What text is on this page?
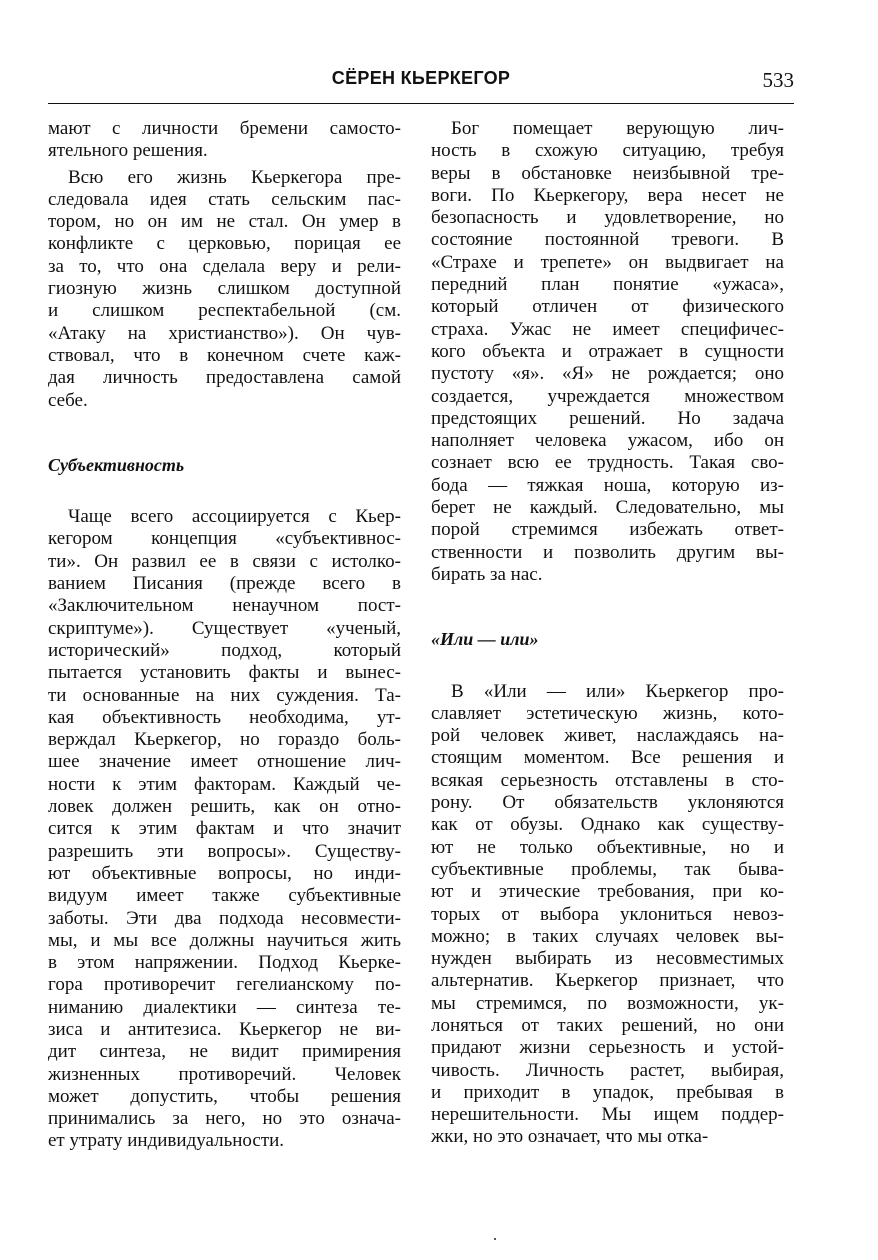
СЁРЕН КЬЕРКЕГОР	533
мают с личности бремени самосто-
ятельного решения.
Всю его жизнь Кьеркегора пре-
следовала идея стать сельским пас-
тором, но он им не стал. Он умер в
конфликте с церковью, порицая ее
за то, что она сделала веру и рели-
гиозную жизнь слишком доступной
и слишком респектабельной (см.
«Атаку на христианство»). Он чув-
ствовал, что в конечном счете каж-
дая личность предоставлена самой
себе.
Субъективность
Чаще всего ассоциируется с Кьер-
кегором концепция «субъективнос-
ти». Он развил ее в связи с истолко-
ванием Писания (прежде всего в
«Заключительном ненаучном пост-
скриптуме»). Существует «ученый,
исторический» подход, который
пытается установить факты и вынес-
ти основанные на них суждения. Та-
кая объективность необходима, ут-
верждал Кьеркегор, но гораздо боль-
шее значение имеет отношение лич-
ности к этим факторам. Каждый че-
ловек должен решить, как он отно-
сится к этим фактам и что значит
разрешить эти вопросы». Существу-
ют объективные вопросы, но инди-
видуум имеет также субъективные
заботы. Эти два подхода несовмести-
мы, и мы все должны научиться жить
в этом напряжении. Подход Кьерке-
гора противоречит гегелианскому по-
ниманию диалектики — синтеза те-
зиса и антитезиса. Кьеркегор не ви-
дит синтеза, не видит примирения
жизненных противоречий. Человек
может допустить, чтобы решения
принимались за него, но это означа-
ет утрату индивидуальности.
Бог помещает верующую лич-
ность в схожую ситуацию, требуя
веры в обстановке неизбывной тре-
воги. По Кьеркегору, вера несет не
безопасность и удовлетворение, но
состояние постоянной тревоги. В
«Страхе и трепете» он выдвигает на
передний план понятие «ужаса»,
который отличен от физического
страха. Ужас не имеет специфичес-
кого объекта и отражает в сущности
пустоту «я». «Я» не рождается; оно
создается, учреждается множеством
предстоящих решений. Но задача
наполняет человека ужасом, ибо он
сознает всю ее трудность. Такая сво-
бода — тяжкая ноша, которую из-
берет не каждый. Следовательно, мы
порой стремимся избежать ответ-
ственности и позволить другим вы-
бирать за нас.
«Или — или»
В «Или — или» Кьеркегор про-
славляет эстетическую жизнь, кото-
рой человек живет, наслаждаясь на-
стоящим моментом. Все решения и
всякая серьезность отставлены в сто-
рону. От обязательств уклоняются
как от обузы. Однако как существу-
ют не только объективные, но и
субъективные проблемы, так быва-
ют и этические требования, при ко-
торых от выбора уклониться невоз-
можно; в таких случаях человек вы-
нужден выбирать из несовместимых
альтернатив. Кьеркегор признает, что
мы стремимся, по возможности, ук-
лоняться от таких решений, но они
придают жизни серьезность и устой-
чивость. Личность растет, выбирая,
и приходит в упадок, пребывая в
нерешительности. Мы ищем поддер-
жки, но это означает, что мы отка-
